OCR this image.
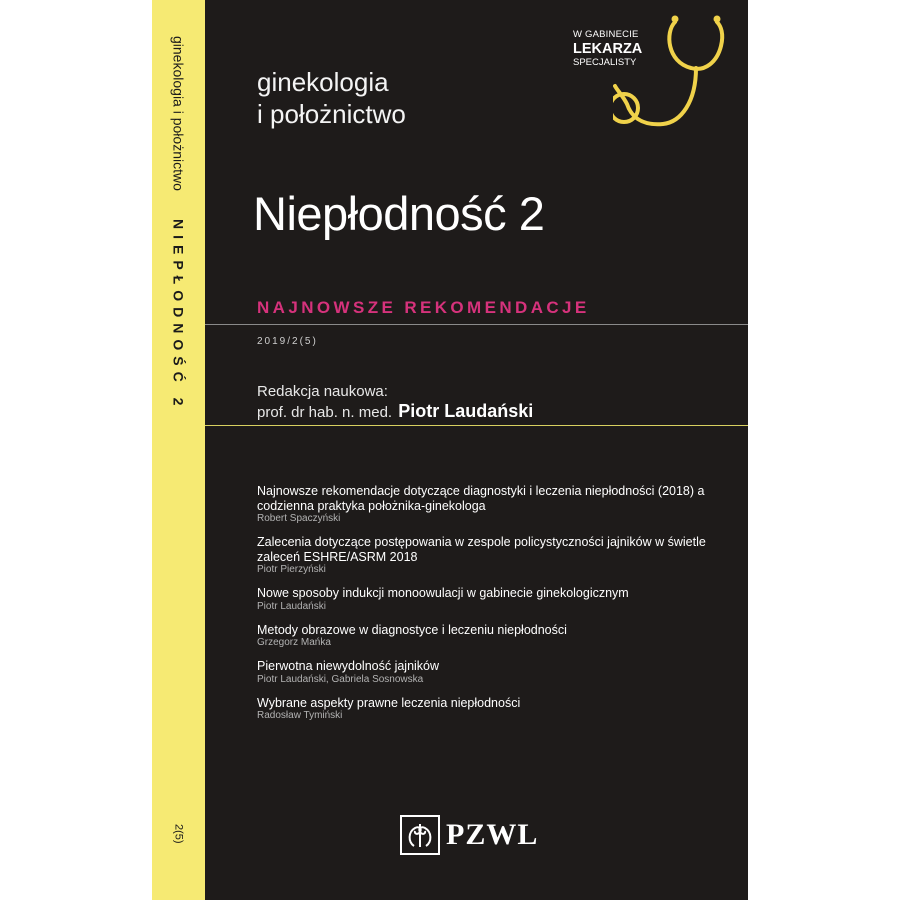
ginekologia i położnictwo NIEPŁODNOŚĆ 2
2(5)
ginekologia
i położnictwo
W GABINECIE
LEKARZA
SPECJALISTY
Niepłodność 2
NAJNOWSZE REKOMENDACJE
2019/2(5)
Redakcja naukowa:
prof. dr hab. n. med. Piotr Laudański
Najnowsze rekomendacje dotyczące diagnostyki i leczenia niepłodności (2018) a codzienna praktyka położnika-ginekologa
Robert Spaczyński
Zalecenia dotyczące postępowania w zespole policystyczności jajników w świetle zaleceń ESHRE/ASRM 2018
Piotr Pierzyński
Nowe sposoby indukcji monoowulacji w gabinecie ginekologicznym
Piotr Laudański
Metody obrazowe w diagnostyce i leczeniu niepłodności
Grzegorz Mańka
Pierwotna niewydolność jajników
Piotr Laudański, Gabriela Sosnowska
Wybrane aspekty prawne leczenia niepłodności
Radosław Tymiński
PZWL
